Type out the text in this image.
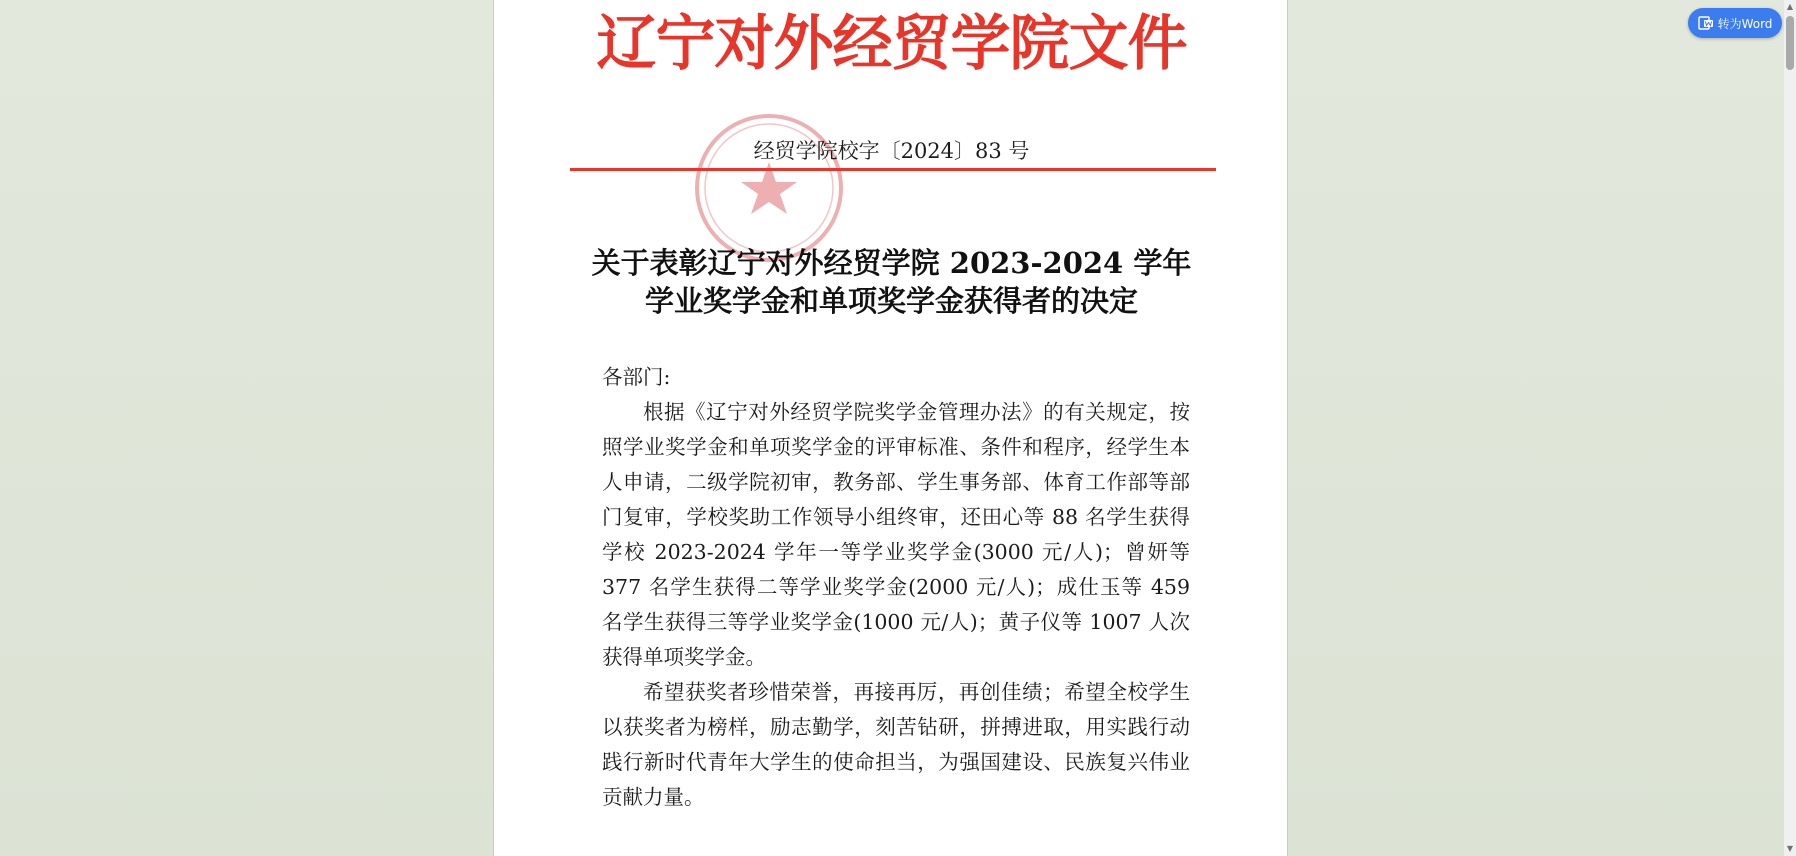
辽宁对外经贸学院文件
经贸学院校字〔2024〕83 号
关于表彰辽宁对外经贸学院 2023-2024 学年
学业奖学金和单项奖学金获得者的决定

各部门:

根据《辽宁对外经贸学院奖学金管理办法》的有关规定，按照学业奖学金和单项奖学金的评审标准、条件和程序，经学生本人申请，二级学院初审，教务部、学生事务部、体育工作部等部门复审，学校奖助工作领导小组终审，还田心等 88 名学生获得学校 2023-2024 学年一等学业奖学金(3000 元/人)；曾妍等 377 名学生获得二等学业奖学金(2000 元/人)；成仕玉等 459 名学生获得三等学业奖学金(1000 元/人)；黄子仪等 1007 人次获得单项奖学金。

希望获奖者珍惜荣誉，再接再厉，再创佳绩；希望全校学生以获奖者为榜样，励志勤学，刻苦钻研，拼搏进取，用实践行动践行新时代青年大学生的使命担当，为强国建设、民族复兴伟业贡献力量。

转为Word
▲
▼
